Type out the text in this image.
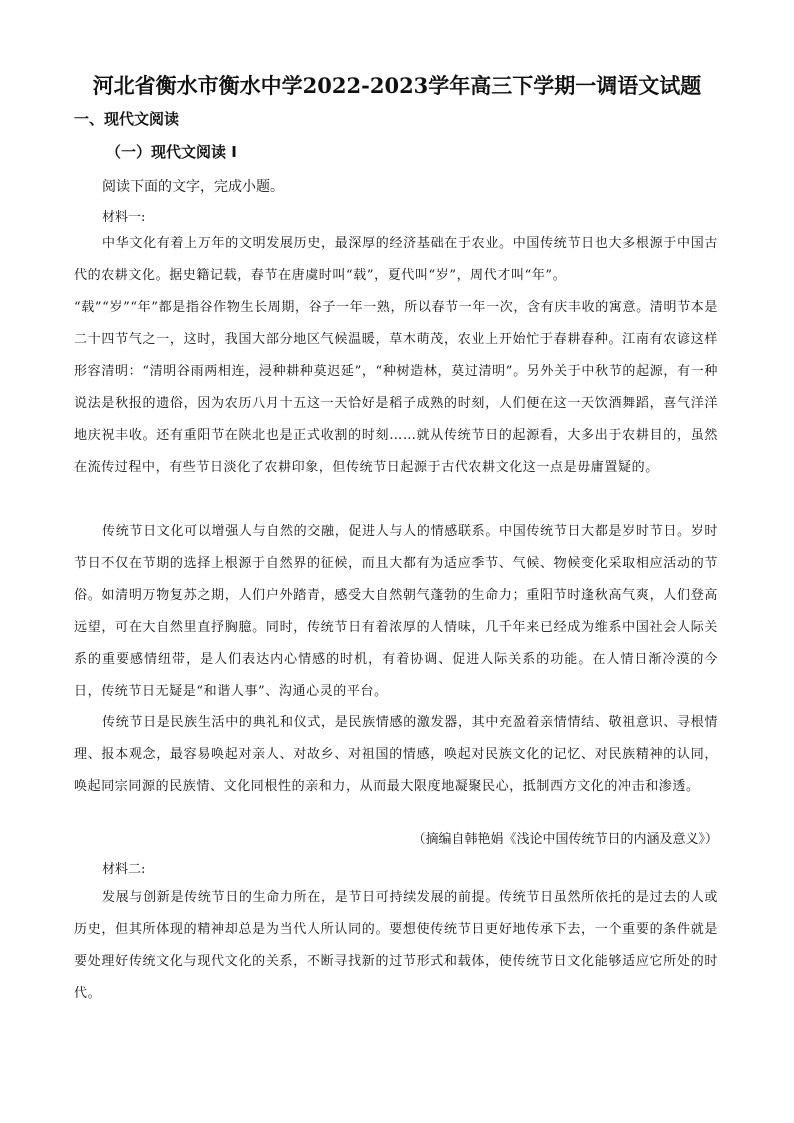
河北省衡水市衡水中学2022-2023学年高三下学期一调语文试题
一、现代文阅读
（一）现代文阅读 I
阅读下面的文字，完成小题。
材料一:

中华文化有着上万年的文明发展历史，最深厚的经济基础在于农业。中国传统节日也大多根源于中国古代的农耕文化。据史籍记载，春节在唐虞时叫“载”，夏代叫“岁”，周代才叫“年”。

“载”“岁”“年”都是指谷作物生长周期，谷子一年一熟，所以春节一年一次，含有庆丰收的寓意。清明节本是二十四节气之一，这时，我国大部分地区气候温暖，草木萌茂，农业上开始忙于春耕春种。江南有农谚这样形容清明：“清明谷雨两相连，浸种耕种莫迟延”，“种树造林，莫过清明”。另外关于中秋节的起源，有一种说法是秋报的遗俗，因为农历八月十五这一天恰好是稻子成熟的时刻，人们便在这一天饮酒舞蹈，喜气洋洋地庆祝丰收。还有重阳节在陕北也是正式收割的时刻……就从传统节日的起源看，大多出于农耕目的，虽然在流传过程中，有些节日淡化了农耕印象，但传统节日起源于古代农耕文化这一点是毋庸置疑的。

传统节日文化可以增强人与自然的交融，促进人与人的情感联系。中国传统节日大都是岁时节日。岁时节日不仅在节期的选择上根源于自然界的征候，而且大都有为适应季节、气候、物候变化采取相应活动的节俗。如清明万物复苏之期，人们户外踏青，感受大自然朝气蓬勃的生命力；重阳节时逢秋高气爽，人们登高远望，可在大自然里直抒胸臆。同时，传统节日有着浓厚的人情味，几千年来已经成为维系中国社会人际关系的重要感情纽带，是人们表达内心情感的时机，有着协调、促进人际关系的功能。在人情日渐冷漠的今日，传统节日无疑是“和谐人事”、沟通心灵的平台。

传统节日是民族生活中的典礼和仪式，是民族情感的激发器，其中充盈着亲情情结、敬祖意识、寻根情理、报本观念，最容易唤起对亲人、对故乡、对祖国的情感，唤起对民族文化的记忆、对民族精神的认同，唤起同宗同源的民族情、文化同根性的亲和力，从而最大限度地凝聚民心，抵制西方文化的冲击和渗透。

（摘编自韩艳娟《浅论中国传统节日的内涵及意义》）
材料二:

发展与创新是传统节日的生命力所在，是节日可持续发展的前提。传统节日虽然所依托的是过去的人或历史，但其所体现的精神却总是为当代人所认同的。要想使传统节日更好地传承下去，一个重要的条件就是要处理好传统文化与现代文化的关系，不断寻找新的过节形式和载体，使传统节日文化能够适应它所处的时代。
